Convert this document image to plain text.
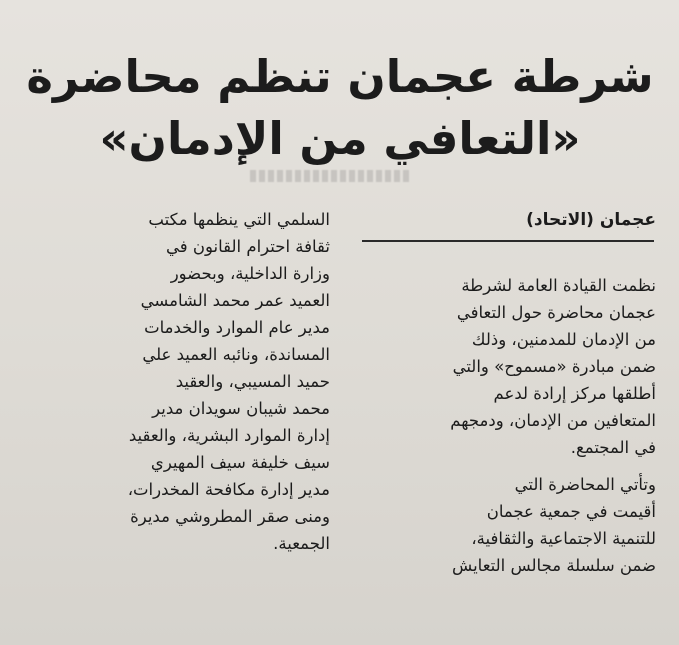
شرطة عجمان تنظم محاضرة
«التعافي من الإدمان»
عجمان (الاتحاد)
نظمت القيادة العامة لشرطة
عجمان محاضرة حول التعافي
من الإدمان للمدمنين، وذلك
ضمن مبادرة «مسموح» والتي
أطلقها مركز إرادة لدعم
المتعافين من الإدمان، ودمجهم
في المجتمع.
وتأتي المحاضرة التي
أقيمت في جمعية عجمان
للتنمية الاجتماعية والثقافية،
ضمن سلسلة مجالس التعايش
السلمي التي ينظمها مكتب
ثقافة احترام القانون في
وزارة الداخلية، وبحضور
العميد عمر محمد الشامسي
مدير عام الموارد والخدمات
المساندة، ونائبه العميد علي
حميد المسيبي، والعقيد
محمد شيبان سويدان مدير
إدارة الموارد البشرية، والعقيد
سيف خليفة سيف المهيري
مدير إدارة مكافحة المخدرات،
ومنى صقر المطروشي مديرة
الجمعية.
